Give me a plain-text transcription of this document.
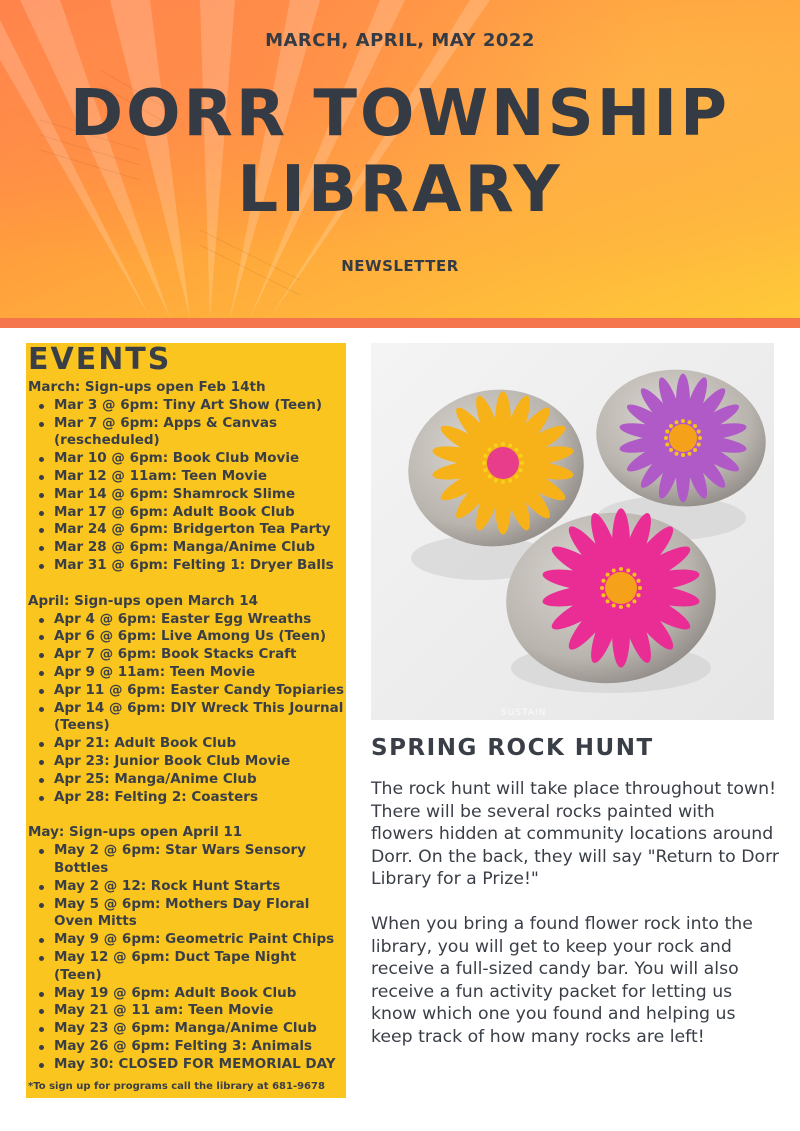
MARCH, APRIL, MAY 2022
DORR TOWNSHIP
LIBRARY
NEWSLETTER
EVENTS
March: Sign-ups open Feb 14th
Mar 3 @ 6pm: Tiny Art Show (Teen)
Mar 7 @ 6pm: Apps & Canvas (rescheduled)
Mar 10 @ 6pm: Book Club Movie
Mar 12 @ 11am: Teen Movie
Mar 14 @ 6pm: Shamrock Slime
Mar 17 @ 6pm: Adult Book Club
Mar 24 @ 6pm: Bridgerton Tea Party
Mar 28 @ 6pm: Manga/Anime Club
Mar 31 @ 6pm: Felting 1: Dryer Balls
April: Sign-ups open March 14
Apr 4 @ 6pm: Easter Egg Wreaths
Apr 6 @ 6pm: Live Among Us (Teen)
Apr 7 @ 6pm: Book Stacks Craft
Apr 9 @ 11am: Teen Movie
Apr 11 @ 6pm: Easter Candy Topiaries
Apr 14 @ 6pm: DIY Wreck This Journal (Teens)
Apr 21: Adult Book Club
Apr 23: Junior Book Club Movie
Apr 25: Manga/Anime Club
Apr 28: Felting 2: Coasters
May: Sign-ups open April 11
May 2 @ 6pm: Star Wars Sensory Bottles
May 2 @ 12: Rock Hunt Starts
May 5 @ 6pm: Mothers Day Floral Oven Mitts
May 9 @ 6pm: Geometric Paint Chips
May 12 @ 6pm: Duct Tape Night (Teen)
May 19 @ 6pm: Adult Book Club
May 21 @ 11 am: Teen Movie
May 23 @ 6pm: Manga/Anime Club
May 26 @ 6pm: Felting 3: Animals
May 30: CLOSED FOR MEMORIAL DAY
*To sign up for programs call the library at 681-9678
SUSTAIN
SPRING ROCK HUNT

The rock hunt will take place throughout town! There will be several rocks painted with flowers hidden at community locations around Dorr. On the back, they will say "Return to Dorr Library for a Prize!"

When you bring a found flower rock into the library, you will get to keep your rock and receive a full-sized candy bar. You will also receive a fun activity packet for letting us know which one you found and helping us keep track of how many rocks are left!
